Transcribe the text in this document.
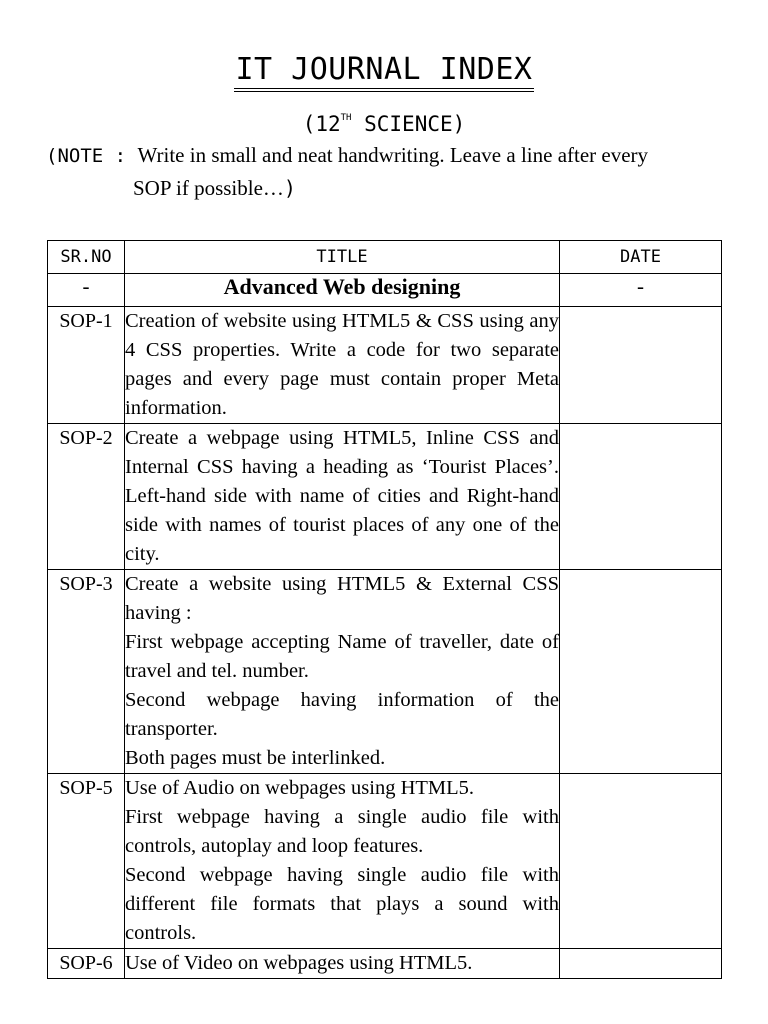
IT JOURNAL INDEX
(12TH SCIENCE)
(NOTE : Write in small and neat handwriting. Leave a line after every
SOP if possible…)
SR.NO	TITLE	DATE
-	Advanced Web designing	-
SOP-1	Creation of website using HTML5 & CSS using any 4 CSS properties. Write a code for two separate pages and every page must contain proper Meta information.	

SOP-2	Create a webpage using HTML5, Inline CSS and Internal CSS having a heading as ‘Tourist Places’. Left-hand side with name of cities and Right-hand side with names of tourist places of any one of the city.	

SOP-3	Create a website using HTML5 & External CSS having :

First webpage accepting Name of traveller, date of travel and tel. number.

Second webpage having information of the transporter.

Both pages must be interlinked.	

SOP-5	Use of Audio on webpages using HTML5.

First webpage having a single audio file with controls, autoplay and loop features.

Second webpage having single audio file with different file formats that plays a sound with controls.	

SOP-6	Use of Video on webpages using HTML5.	
